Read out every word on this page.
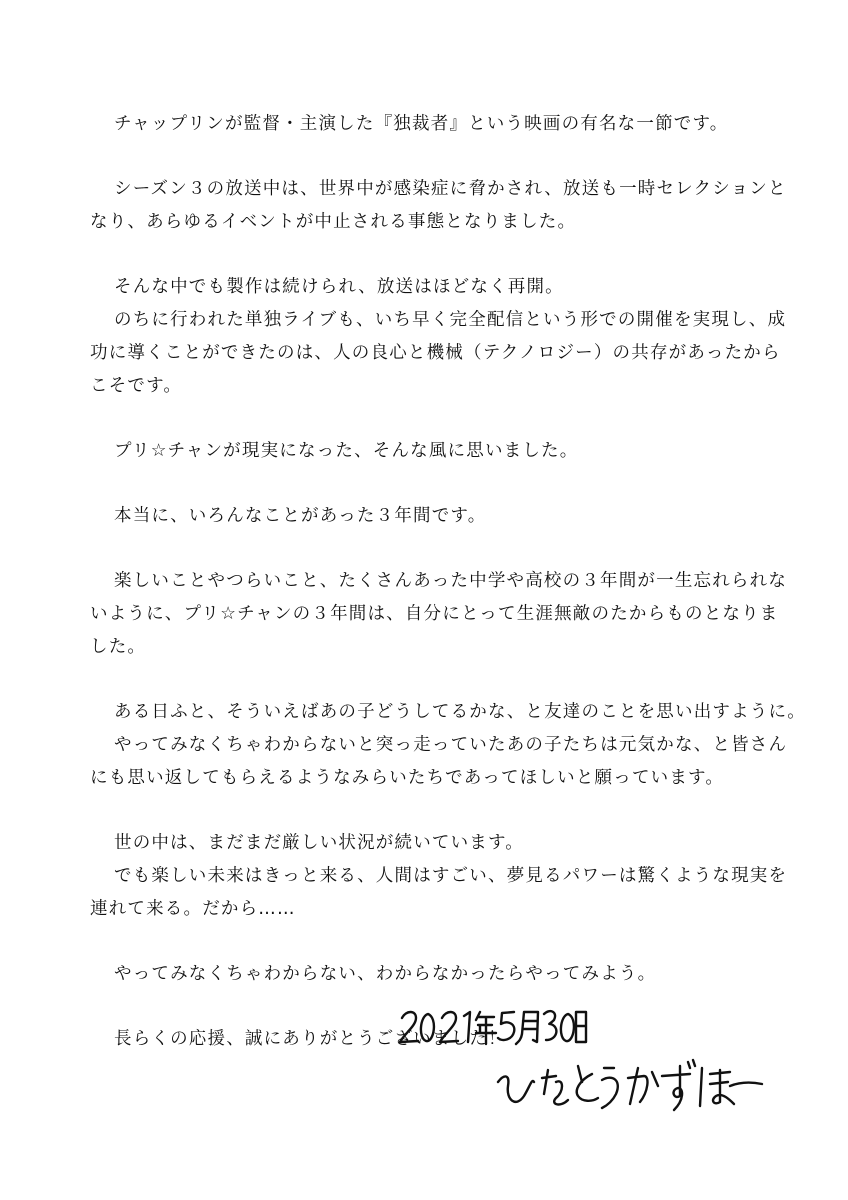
チャップリンが監督・主演した『独裁者』という映画の有名な一節です。

シーズン３の放送中は、世界中が感染症に脅かされ、放送も一時セレクションと
なり、あらゆるイベントが中止される事態となりました。

そんな中でも製作は続けられ、放送はほどなく再開。
のちに行われた単独ライブも、いち早く完全配信という形での開催を実現し、成
功に導くことができたのは、人の良心と機械（テクノロジー）の共存があったから
こそです。

プリ☆チャンが現実になった、そんな風に思いました。

本当に、いろんなことがあった３年間です。

楽しいことやつらいこと、たくさんあった中学や高校の３年間が一生忘れられな
いように、プリ☆チャンの３年間は、自分にとって生涯無敵のたからものとなりま
した。

ある日ふと、そういえばあの子どうしてるかな、と友達のことを思い出すように。
やってみなくちゃわからないと突っ走っていたあの子たちは元気かな、と皆さん
にも思い返してもらえるようなみらいたちであってほしいと願っています。

世の中は、まだまだ厳しい状況が続いています。
でも楽しい未来はきっと来る、人間はすごい、夢見るパワーは驚くような現実を
連れて来る。だから……

やってみなくちゃわからない、わからなかったらやってみよう。

長らくの応援、誠にありがとうございました！
